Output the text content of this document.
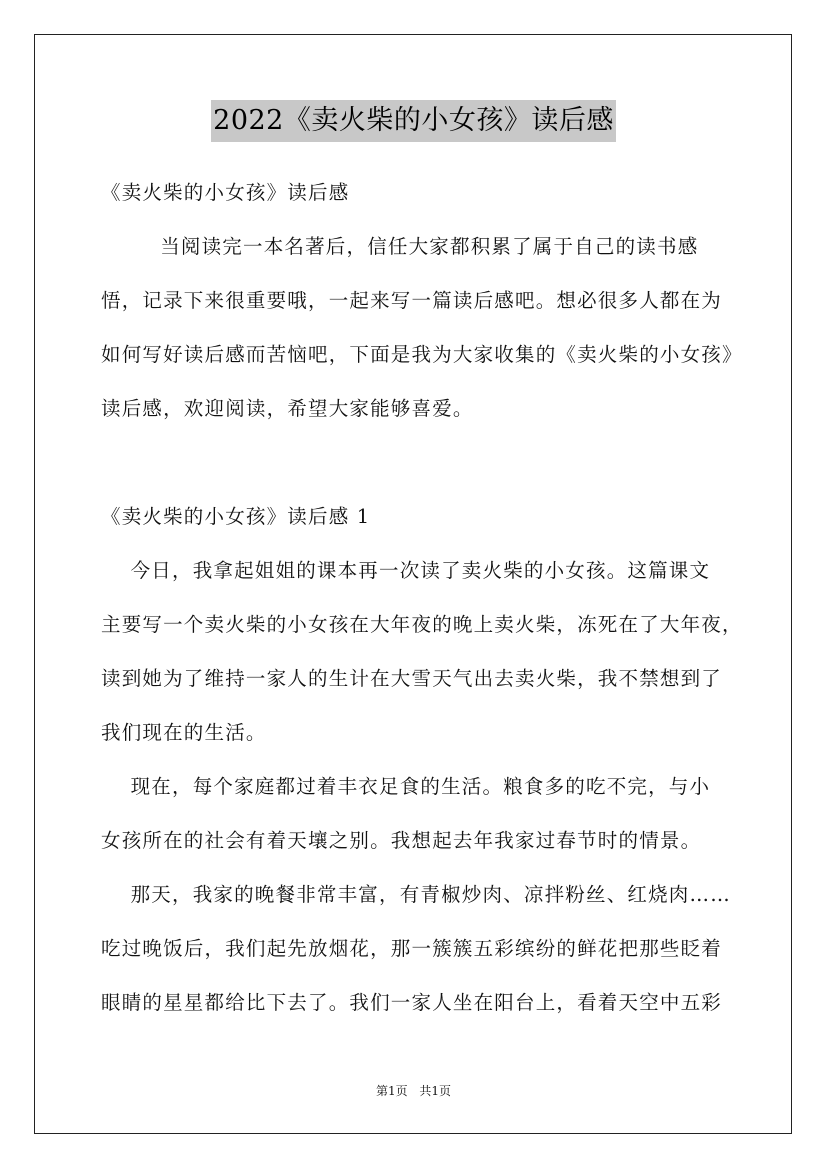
2022《卖火柴的小女孩》读后感
《卖火柴的小女孩》读后感
当阅读完一本名著后，信任大家都积累了属于自己的读书感
悟，记录下来很重要哦，一起来写一篇读后感吧。想必很多人都在为
如何写好读后感而苦恼吧，下面是我为大家收集的《卖火柴的小女孩》
读后感，欢迎阅读，希望大家能够喜爱。
《卖火柴的小女孩》读后感 1
今日，我拿起姐姐的课本再一次读了卖火柴的小女孩。这篇课文
主要写一个卖火柴的小女孩在大年夜的晚上卖火柴，冻死在了大年夜，
读到她为了维持一家人的生计在大雪天气出去卖火柴，我不禁想到了
我们现在的生活。
现在，每个家庭都过着丰衣足食的生活。粮食多的吃不完，与小
女孩所在的社会有着天壤之别。我想起去年我家过春节时的情景。
那天，我家的晚餐非常丰富，有青椒炒肉、凉拌粉丝、红烧肉……
吃过晚饭后，我们起先放烟花，那一簇簇五彩缤纷的鲜花把那些眨着
眼睛的星星都给比下去了。我们一家人坐在阳台上，看着天空中五彩
第1页 共1页
